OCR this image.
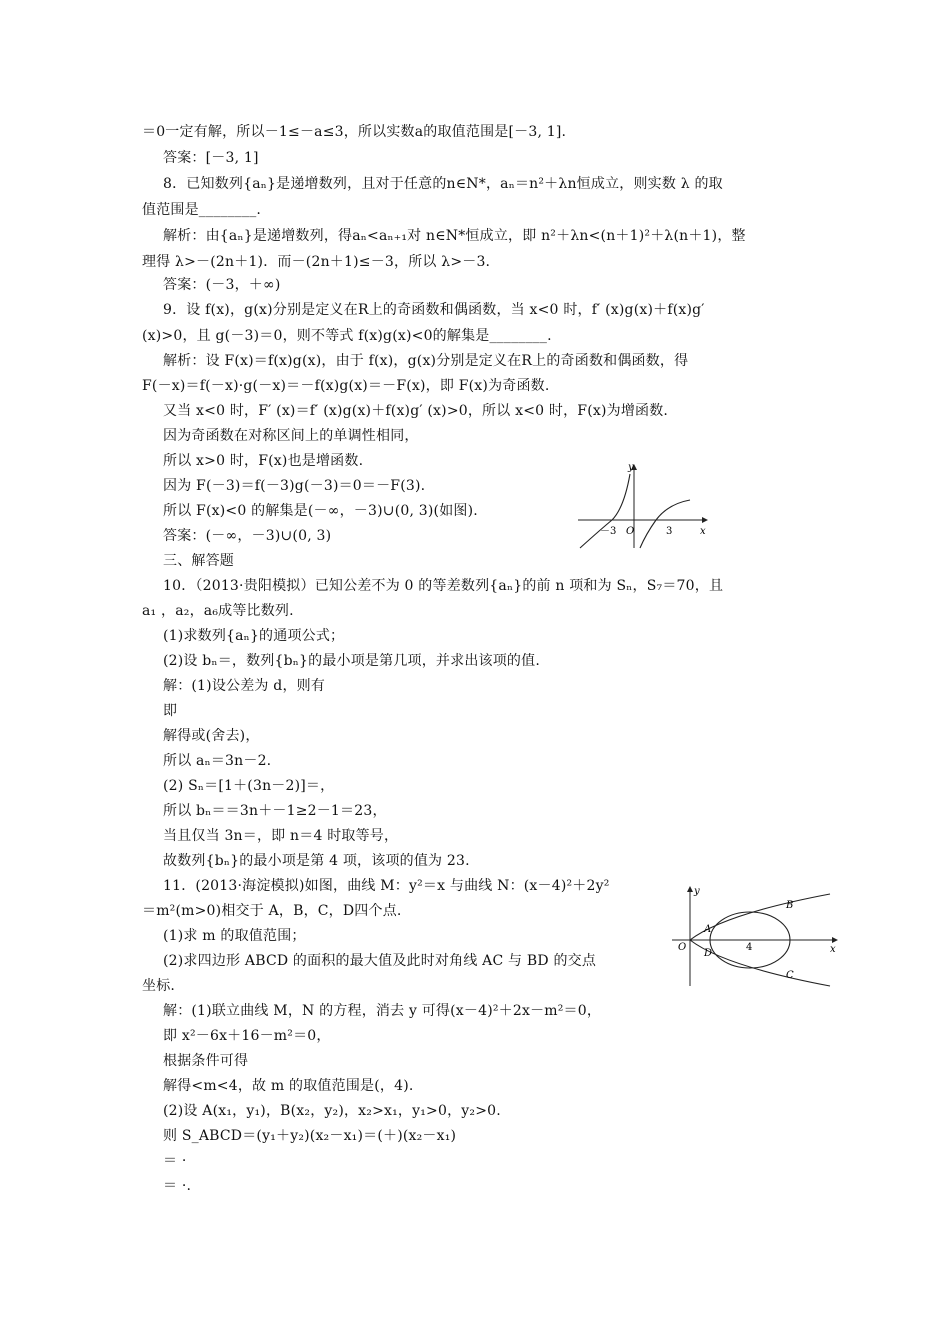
＝0一定有解，所以－1≤－a≤3，所以实数a的取值范围是[－3, 1].
答案：[－3, 1]
8．已知数列{aₙ}是递增数列，且对于任意的n∈N*，aₙ＝n²＋λn恒成立，则实数 λ 的取
值范围是________.
解析：由{aₙ}是递增数列，得aₙ<aₙ₊₁对 n∈N*恒成立，即 n²＋λn<(n＋1)²＋λ(n＋1)，整
理得 λ>－(2n＋1)．而－(2n＋1)≤－3，所以 λ>－3.
答案：(－3，＋∞)
9．设 f(x)，g(x)分别是定义在R上的奇函数和偶函数，当 x<0 时，f′ (x)g(x)＋f(x)g′
(x)>0，且 g(－3)＝0，则不等式 f(x)g(x)<0的解集是________.
解析：设 F(x)＝f(x)g(x)，由于 f(x)，g(x)分别是定义在R上的奇函数和偶函数，得
F(－x)＝f(－x)·g(－x)＝－f(x)g(x)＝－F(x)，即 F(x)为奇函数.
又当 x<0 时，F′ (x)＝f′ (x)g(x)＋f(x)g′ (x)>0，所以 x<0 时，F(x)为增函数.
因为奇函数在对称区间上的单调性相同，
所以 x>0 时，F(x)也是增函数.
因为 F(－3)＝f(－3)g(－3)＝0＝－F(3).
所以 F(x)<0 的解集是(－∞，－3)∪(0, 3)(如图).
答案：(－∞，－3)∪(0, 3)
三、解答题
10．（2013·贵阳模拟）已知公差不为 0 的等差数列{aₙ}的前 n 项和为 Sₙ，S₇＝70，且
a₁ ，a₂，a₆成等比数列.
(1)求数列{aₙ}的通项公式；
(2)设 bₙ＝，数列{bₙ}的最小项是第几项，并求出该项的值.
解：(1)设公差为 d，则有
即
解得或(舍去)，
所以 aₙ＝3n－2.
(2) Sₙ＝[1＋(3n－2)]＝，
所以 bₙ＝＝3n＋－1≥2－1＝23，
当且仅当 3n＝，即 n＝4 时取等号，
故数列{bₙ}的最小项是第 4 项，该项的值为 23.
11．(2013·海淀模拟)如图，曲线 M：y²＝x 与曲线 N：(x－4)²＋2y²
＝m²(m>0)相交于 A，B，C，D四个点.
(1)求 m 的取值范围；
(2)求四边形 ABCD 的面积的最大值及此时对角线 AC 与 BD 的交点
坐标.
解：(1)联立曲线 M，N 的方程，消去 y 可得(x－4)²＋2x－m²＝0，
即 x²－6x＋16－m²＝0，
根据条件可得
解得<m<4，故 m 的取值范围是(，4).
(2)设 A(x₁，y₁)，B(x₂，y₂)，x₂>x₁，y₁>0，y₂>0.
则 S_ABCD＝(y₁＋y₂)(x₂－x₁)＝(＋)(x₂－x₁)
＝ ·
＝ ·.
y
x
O
－3	3
y
x
O
A
B
C
D
4
